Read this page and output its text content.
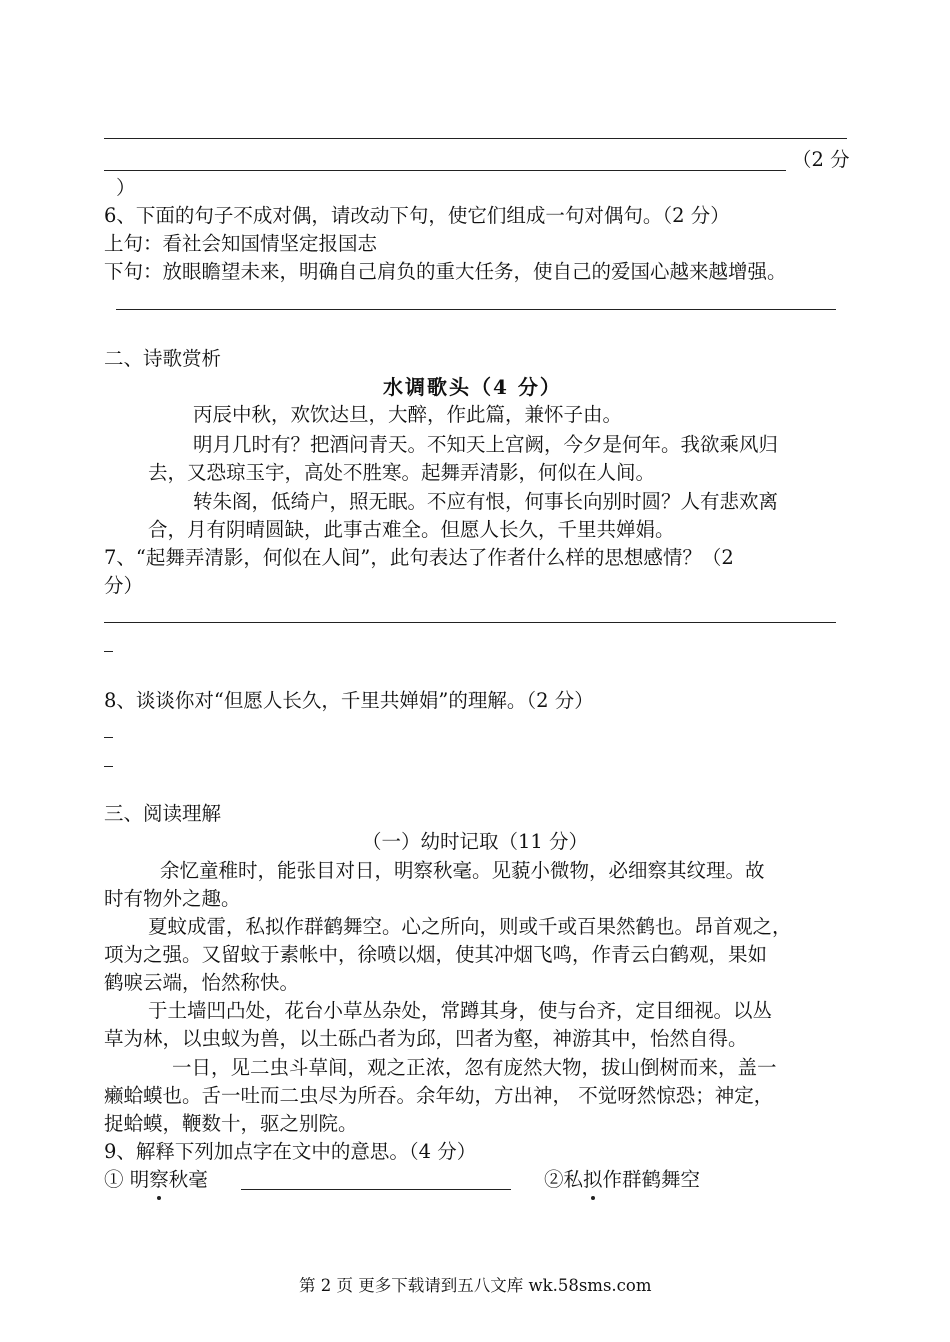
（2 分
）
6、下面的句子不成对偶，请改动下句，使它们组成一句对偶句。（2 分）
上句：看社会知国情坚定报国志
下句：放眼瞻望未来，明确自己肩负的重大任务，使自己的爱国心越来越增强。
二、诗歌赏析
水调歌头（4 分）
丙辰中秋，欢饮达旦，大醉，作此篇，兼怀子由。
明月几时有？把酒问青天。不知天上宫阙，今夕是何年。我欲乘风归
去，又恐琼玉宇，高处不胜寒。起舞弄清影，何似在人间。
转朱阁，低绮户，照无眠。不应有恨，何事长向别时圆？人有悲欢离
合，月有阴晴圆缺，此事古难全。但愿人长久，千里共婵娟。
7、“起舞弄清影，何似在人间”，此句表达了作者什么样的思想感情？（2
分）
8、谈谈你对“但愿人长久，千里共婵娟”的理解。（2 分）
三、阅读理解
（一）幼时记取（11 分）
余忆童稚时，能张目对日，明察秋毫。见藐小微物，必细察其纹理。故
时有物外之趣。
夏蚊成雷，私拟作群鹤舞空。心之所向，则或千或百果然鹤也。昂首观之，
项为之强。又留蚊于素帐中，徐喷以烟，使其冲烟飞鸣，作青云白鹤观，果如
鹤唳云端，怡然称快。
于土墙凹凸处，花台小草丛杂处，常蹲其身，使与台齐，定目细视。以丛
草为林，以虫蚁为兽，以土砾凸者为邱，凹者为壑，神游其中，怡然自得。
一日，见二虫斗草间，观之正浓，忽有庞然大物，拔山倒树而来，盖一
癞蛤蟆也。舌一吐而二虫尽为所吞。余年幼，方出神， 不觉呀然惊恐；神定，
捉蛤蟆，鞭数十，驱之别院。
9、解释下列加点字在文中的意思。（4 分）
① 明察秋毫	②私拟作群鹤舞空
第 2 页 更多下载请到五八文库 wk.58sms.com
